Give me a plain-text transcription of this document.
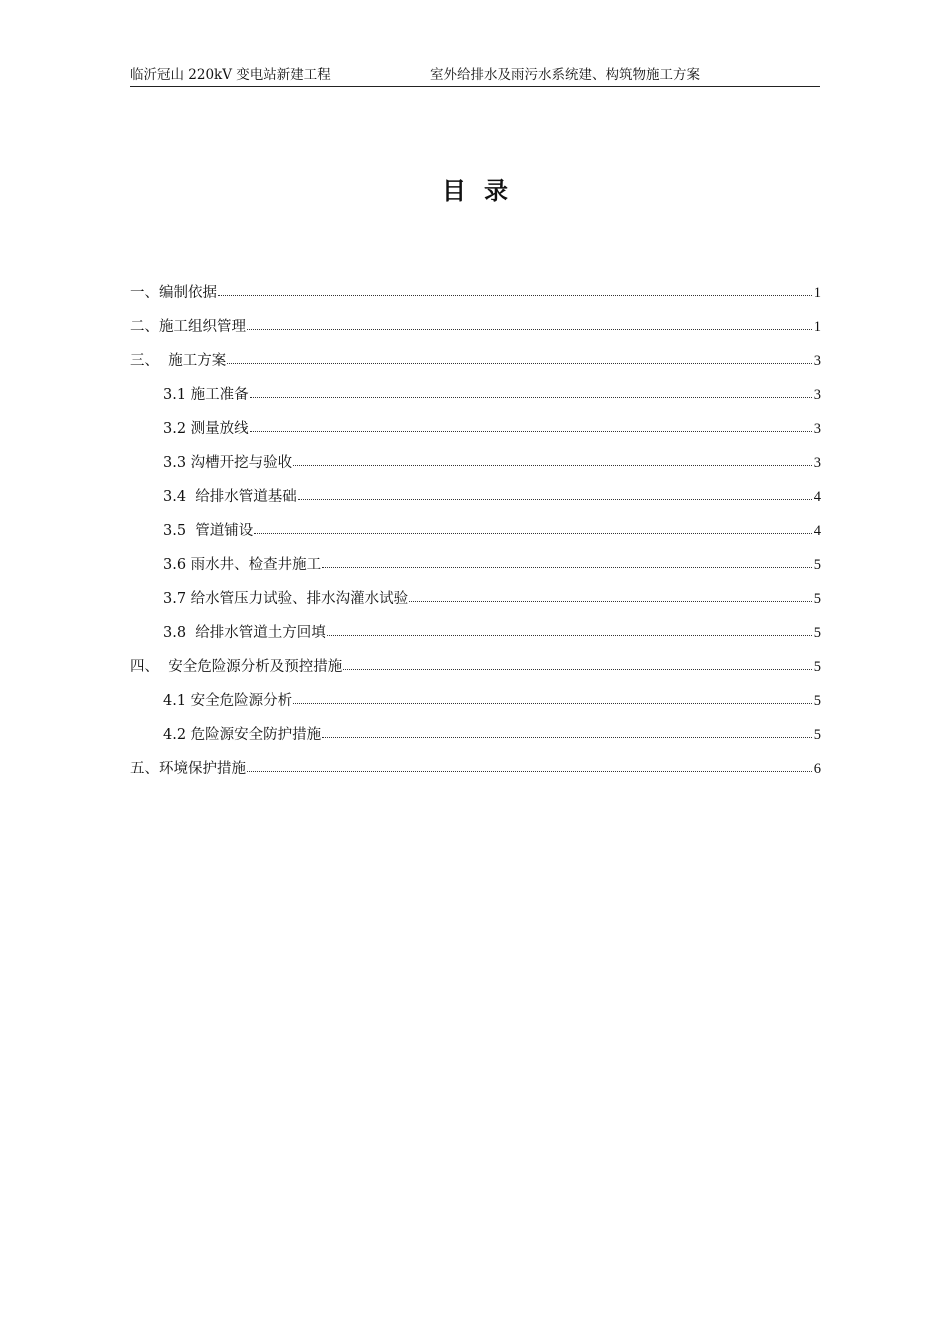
临沂冠山 220kV 变电站新建工程	室外给排水及雨污水系统建、构筑物施工方案
目录
一、编制依据	1
二、施工组织管理	1
三、  施工方案	3
3.1 施工准备	3
3.2 测量放线	3
3.3 沟槽开挖与验收	3
3.4  给排水管道基础	4
3.5  管道铺设	4
3.6 雨水井、检查井施工	5
3.7 给水管压力试验、排水沟灌水试验	5
3.8  给排水管道土方回填	5
四、  安全危险源分析及预控措施	5
4.1 安全危险源分析	5
4.2 危险源安全防护措施	5
五、环境保护措施	6
